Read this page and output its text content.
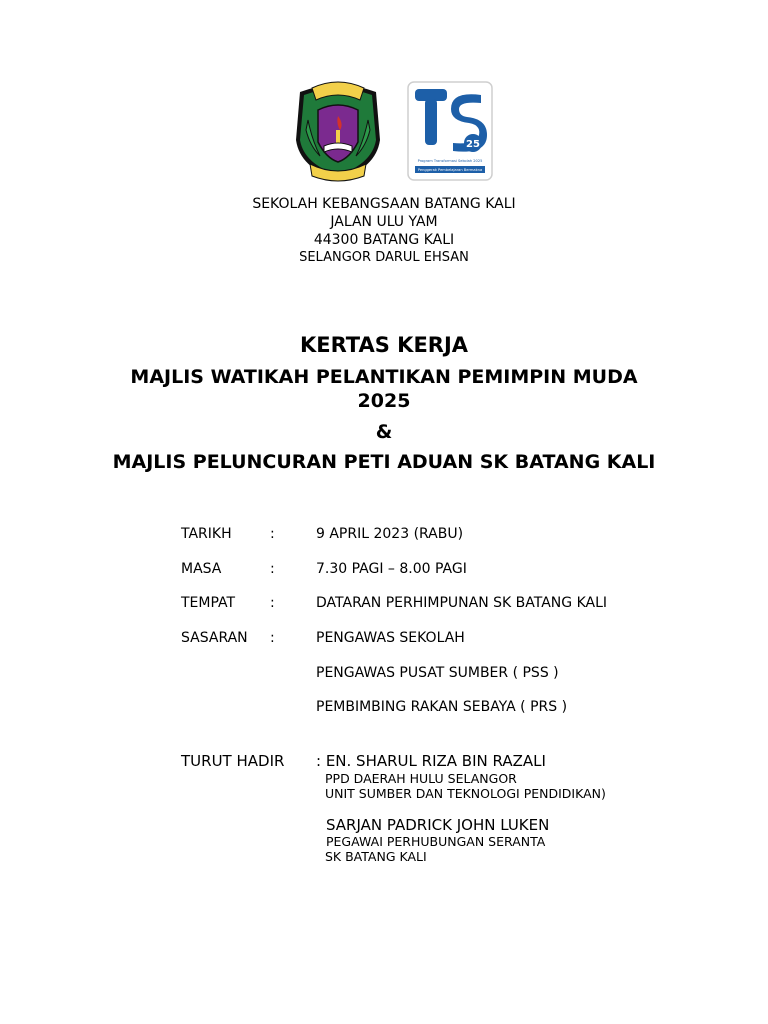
25
Program Transformasi Sekolah 2025
Penggerak Pembelajaran Bermakna
SEKOLAH KEBANGSAAN BATANG KALI
JALAN ULU YAM
44300 BATANG KALI
SELANGOR DARUL EHSAN
KERTAS KERJA
MAJLIS WATIKAH PELANTIKAN PEMIMPIN MUDA
2025
&
MAJLIS PELUNCURAN PETI ADUAN SK BATANG KALI
TARIKH	:	9 APRIL 2023 (RABU)
MASA	:	7.30 PAGI – 8.00 PAGI
TEMPAT :	DATARAN PERHIMPUNAN SK BATANG KALI
SASARAN :	PENGAWAS SEKOLAH
PENGAWAS PUSAT SUMBER ( PSS )
PEMBIMBING RAKAN SEBAYA ( PRS )
TURUT HADIR : EN. SHARUL RIZA BIN RAZALI
PPD DAERAH HULU SELANGOR
UNIT SUMBER DAN TEKNOLOGI PENDIDIKAN)
SARJAN PADRICK JOHN LUKEN
PEGAWAI PERHUBUNGAN SERANTA
SK BATANG KALI
